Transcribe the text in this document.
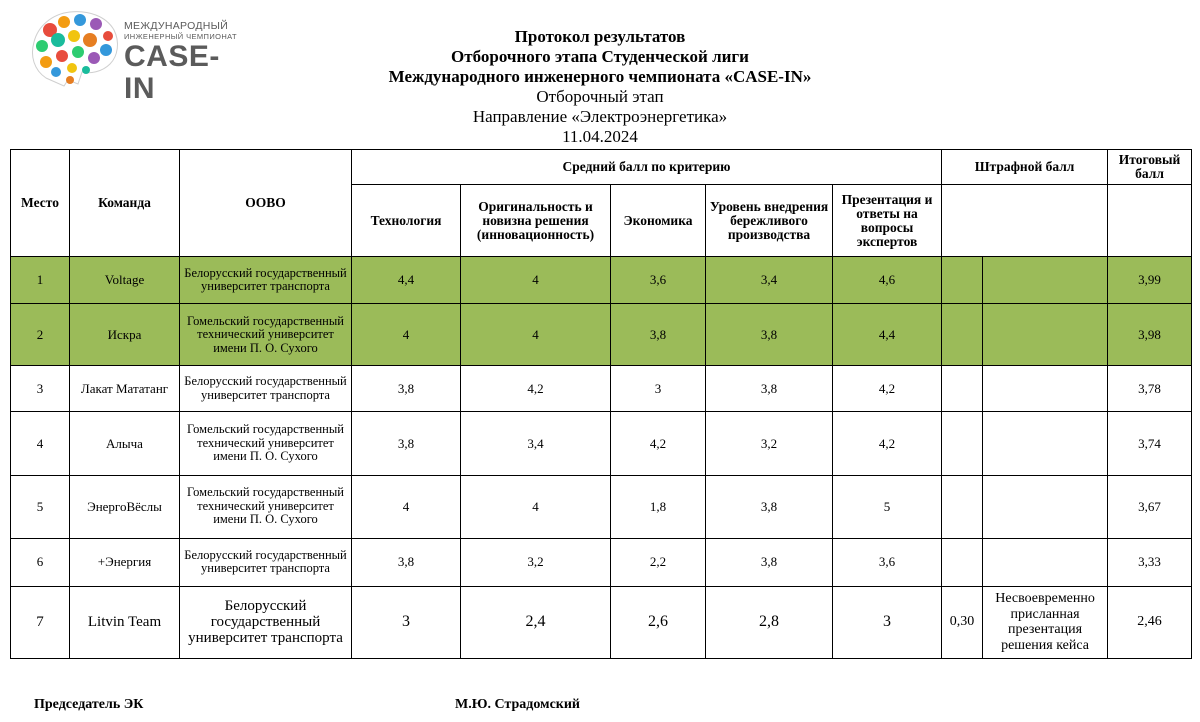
МЕЖДУНАРОДНЫЙ
ИНЖЕНЕРНЫЙ ЧЕМПИОНАТ
CASE-IN
Протокол результатов
Отборочного этапа Студенческой лиги
Международного инженерного чемпионата «CASE-IN»
Отборочный этап
Направление «Электроэнергетика»
11.04.2024
Место	Команда	ООВО	Средний балл по критерию					Штрафной балл		Итоговый балл
			Технология	Оригинальность и новизна решения (инновационность)	Экономика	Уровень внедрения бережливого производства	Презентация и ответы на вопросы экспертов			
1	Voltage	Белорусский государственный университет транспорта	4,4	4	3,6	3,4	4,6			3,99
2	Искра	Гомельский государственный технический университет имени П. О. Сухого	4	4	3,8	3,8	4,4			3,98
3	Лакат Мататанг	Белорусский государственный университет транспорта	3,8	4,2	3	3,8	4,2			3,78
4	Алыча	Гомельский государственный технический университет имени П. О. Сухого	3,8	3,4	4,2	3,2	4,2			3,74
5	ЭнергоВёслы	Гомельский государственный технический университет имени П. О. Сухого	4	4	1,8	3,8	5			3,67
6	+Энергия	Белорусский государственный университет транспорта	3,8	3,2	2,2	3,8	3,6			3,33
7	Litvin Team	Белорусский государственный университет транспорта	3	2,4	2,6	2,8	3	0,30	Несвоевременно присланная презентация решения кейса	2,46
Председатель ЭК	М.Ю. Страдомский
